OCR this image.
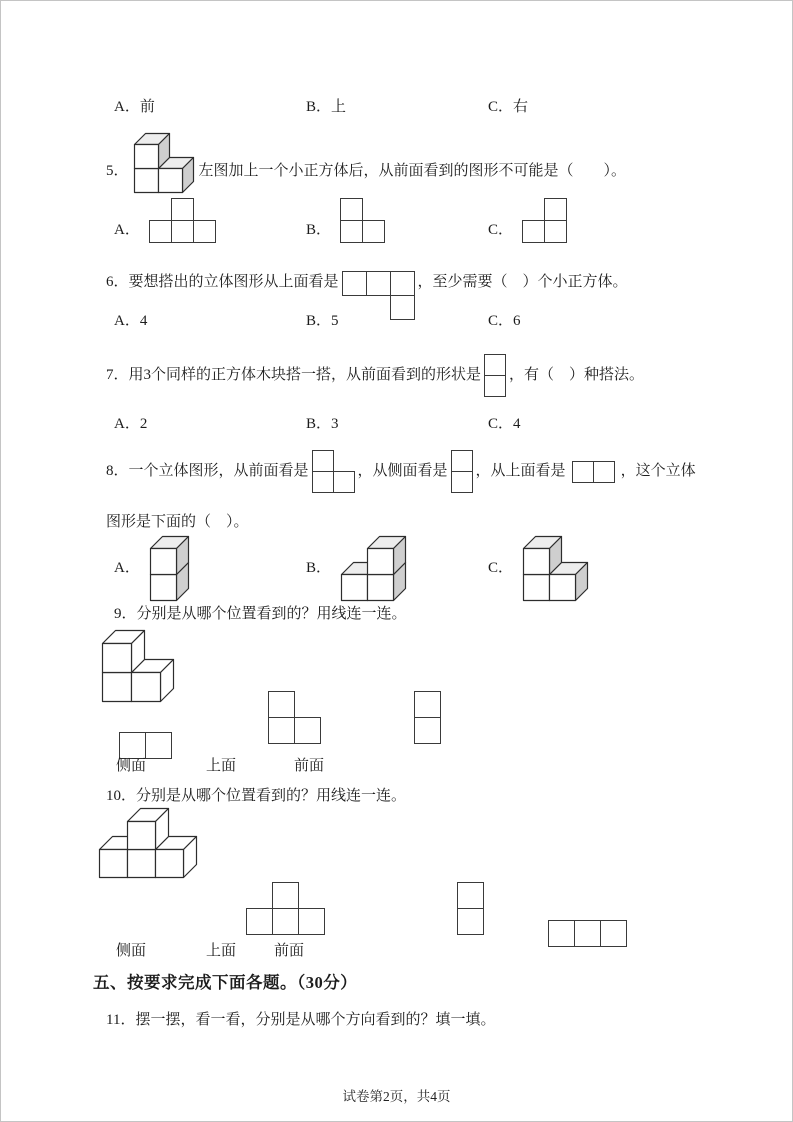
A．前	B．上	C．右
5．	左图加上一个小正方体后，从前面看到的图形不可能是（　　）。
A．	B．	C．
6． 要想搭出的立体图形从上面看是	，至少需要（　）个小正方体。
A．4	B．5	C．6
7． 用3个同样的正方体木块搭一搭，从前面看到的形状是 ，有（　）种搭法。
A．2	B．3	C．4
8． 一个立体图形，从前面看是	，从侧面看是 ，从上面看是	，这个立体
图形是下面的（　）。
A．	B．	C．
9．分别是从哪个位置看到的？用线连一连。

侧面	上面	前面
10．分别是从哪个位置看到的？用线连一连。

侧面	上面	前面
五、按要求完成下面各题。（30分）
11．摆一摆，看一看，分别是从哪个方向看到的？填一填。
试卷第2页，共4页
